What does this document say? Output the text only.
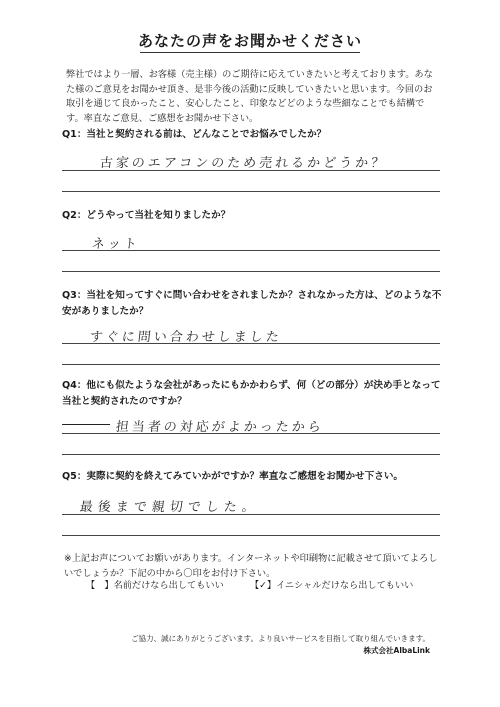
あなたの声をお聞かせください
弊社ではより一層、お客様（売主様）のご期待に応えていきたいと考えております。あなた様のご意見をお聞かせ頂き、是非今後の活動に反映していきたいと思います。今回のお取引を通じて良かったこと、安心したこと、印象などどのような些細なことでも結構です。率直なご意見、ご感想をお聞かせ下さい。
Q1：当社と契約される前は、どんなことでお悩みでしたか？
古家のエアコンのため売れるかどうか？
Q2：どうやって当社を知りましたか？
ネット
Q3：当社を知ってすぐに問い合わせをされましたか？されなかった方は、どのような不安がありましたか？
すぐに問い合わせしました
Q4：他にも似たような会社があったにもかかわらず、何（どの部分）が決め手となって当社と契約されたのですか？
担当者の対応がよかったから
Q5：実際に契約を終えてみていかがですか？率直なご感想をお聞かせ下さい。
最後まで親切でした。
※上記お声についてお願いがあります。インターネットや印刷物に記載させて頂いてよろしいでしょうか？下記の中から〇印をお付け下さい。
【　】名前だけなら出してもいい	【✓】イニシャルだけなら出してもいい
ご協力、誠にありがとうございます。より良いサービスを目指して取り組んでいきます。
株式会社AlbaLink
